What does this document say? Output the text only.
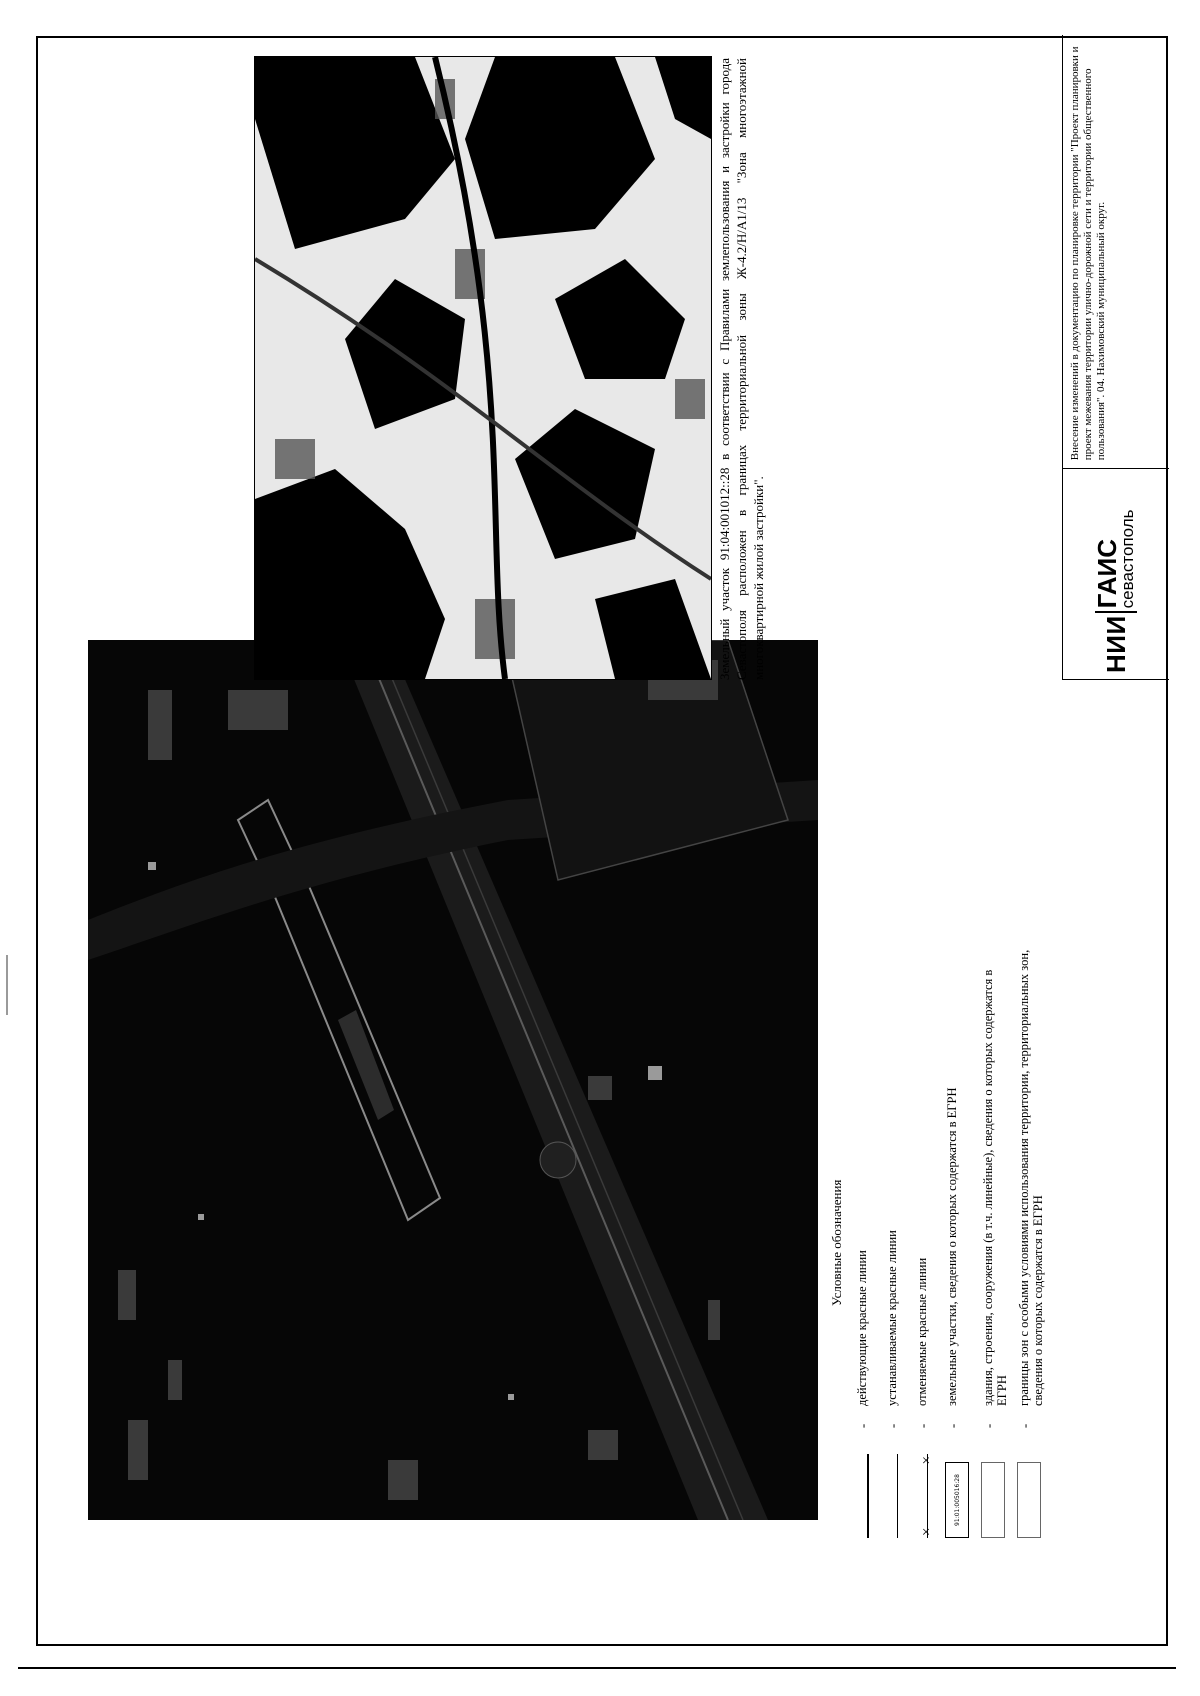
Условные обозначения
-
действующие красные линии
-
устанавливаемые красные линии
×
×
-
отменяемые красные линии
91:01:005016:28
-
земельные участки, сведения о которых содержатся в ЕГРН
-
здания, строения, сооружения (в т.ч. линейные), сведения о которых содержатся в ЕГРН
-
границы зон с особыми условиями использования территории, территориальных зон, сведения о которых содержатся в ЕГРН
Земельный участок 91:04:001012::28 в соответствии с Правилами землепользования и застройки города Севастополя расположен в границах территориальной зоны Ж-4.2/Н/А1/13 "Зона многоэтажной многоквартирной жилой застройки".	НИИ
ГАИС
севастополь
Внесение изменений в документацию по планировке территории "Проект планировки и проект межевания территории улично-дорожной сети и территории общественного пользования". 04. Нахимовский муниципальный округ.
